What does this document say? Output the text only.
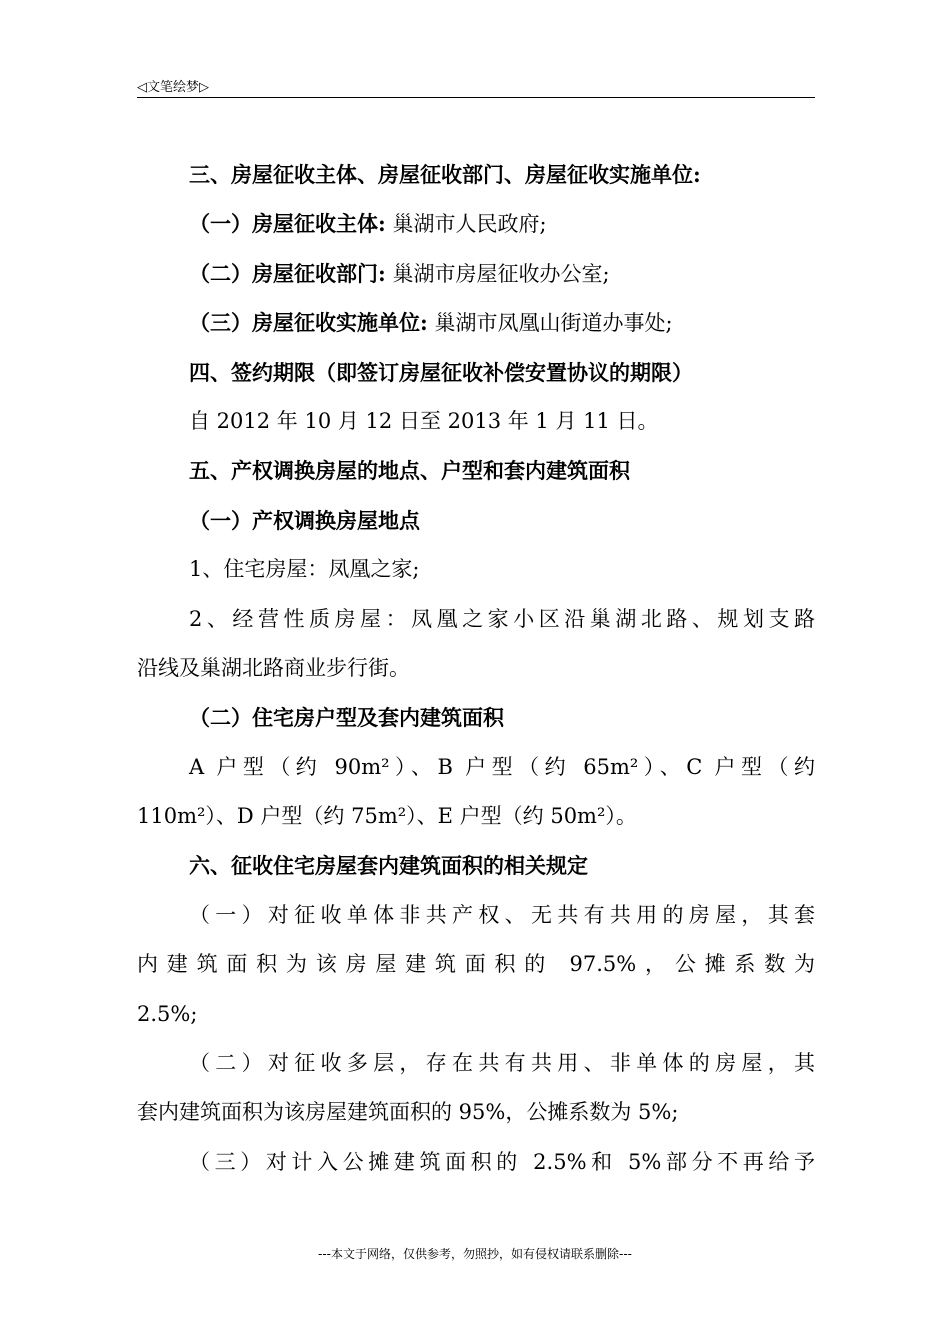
◁文笔绘梦▷
三、房屋征收主体、房屋征收部门、房屋征收实施单位:
（一）房屋征收主体: 巢湖市人民政府;
（二）房屋征收部门: 巢湖市房屋征收办公室;
（三）房屋征收实施单位: 巢湖市凤凰山街道办事处;
四、签约期限（即签订房屋征收补偿安置协议的期限）
自 2012 年 10 月 12 日至 2013 年 1 月 11 日。
五、产权调换房屋的地点、户型和套内建筑面积
（一）产权调换房屋地点
1、住宅房屋：凤凰之家;
2、经营性质房屋：凤凰之家小区沿巢湖北路、规划支路
沿线及巢湖北路商业步行街。
（二）住宅房户型及套内建筑面积
A 户型（约 90m²）、B 户型（约 65m²）、C 户型（约
110m²）、D 户型（约 75m²）、E 户型（约 50m²）。
六、征收住宅房屋套内建筑面积的相关规定
（一）对征收单体非共产权、无共有共用的房屋，其套
内建筑面积为该房屋建筑面积的 97.5%，公摊系数为
2.5%;
（二）对征收多层，存在共有共用、非单体的房屋，其
套内建筑面积为该房屋建筑面积的 95%，公摊系数为 5%;
（三）对计入公摊建筑面积的 2.5%和 5%部分不再给予
---本文于网络，仅供参考，勿照抄，如有侵权请联系删除---
